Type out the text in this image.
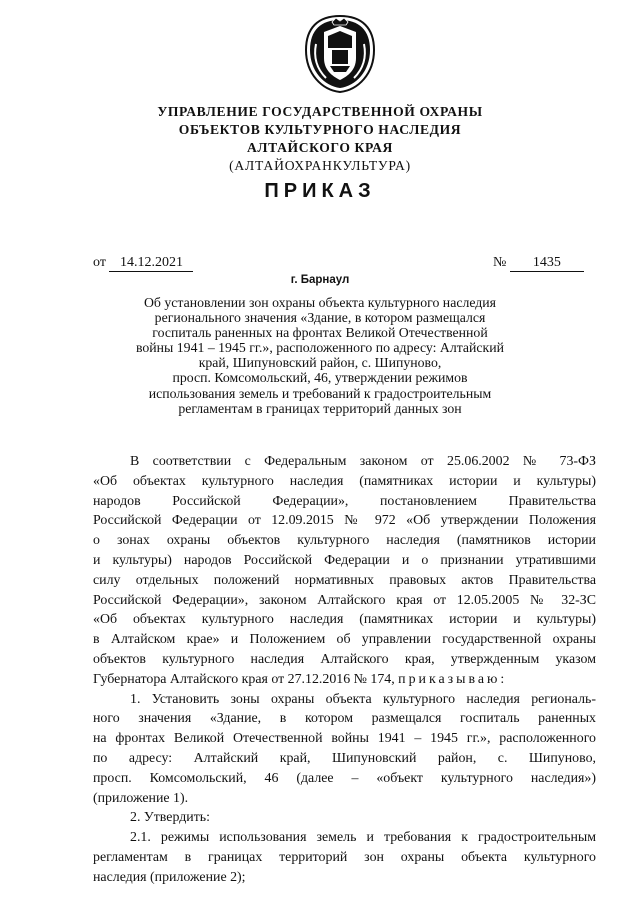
УПРАВЛЕНИЕ ГОСУДАРСТВЕННОЙ ОХРАНЫ
ОБЪЕКТОВ КУЛЬТУРНОГО НАСЛЕДИЯ
АЛТАЙСКОГО КРАЯ
(АЛТАЙОХРАНКУЛЬТУРА)
ПРИКАЗ
от 14.12.2021	№ 1435
г. Барнаул
Об установлении зон охраны объекта культурного наследия
регионального значения «Здание, в котором размещался
госпиталь раненных на фронтах Великой Отечественной
войны 1941 – 1945 гг.», расположенного по адресу: Алтайский
край, Шипуновский район, с. Шипуново,
просп. Комсомольский, 46, утверждении режимов
использования земель и требований к градостроительным
регламентам в границах территорий данных зон
В соответствии с Федеральным законом от 25.06.2002 № 73-ФЗ
«Об объектах культурного наследия (памятниках истории и культуры)
народов Российской Федерации», постановлением Правительства
Российской Федерации от 12.09.2015 № 972 «Об утверждении Положения
о зонах охраны объектов культурного наследия (памятников истории
и культуры) народов Российской Федерации и о признании утратившими
силу отдельных положений нормативных правовых актов Правительства
Российской Федерации», законом Алтайского края от 12.05.2005 № 32-ЗС
«Об объектах культурного наследия (памятниках истории и культуры)
в Алтайском крае» и Положением об управлении государственной охраны
объектов культурного наследия Алтайского края, утвержденным указом
Губернатора Алтайского края от 27.12.2016 № 174, приказываю:
1. Установить зоны охраны объекта культурного наследия региональ-
ного значения «Здание, в котором размещался госпиталь раненных
на фронтах Великой Отечественной войны 1941 – 1945 гг.», расположенного
по адресу: Алтайский край, Шипуновский район, с. Шипуново,
просп. Комсомольский, 46 (далее – «объект культурного наследия»)
(приложение 1).
2. Утвердить:
2.1. режимы использования земель и требования к градостроительным
регламентам в границах территорий зон охраны объекта культурного
наследия (приложение 2);
